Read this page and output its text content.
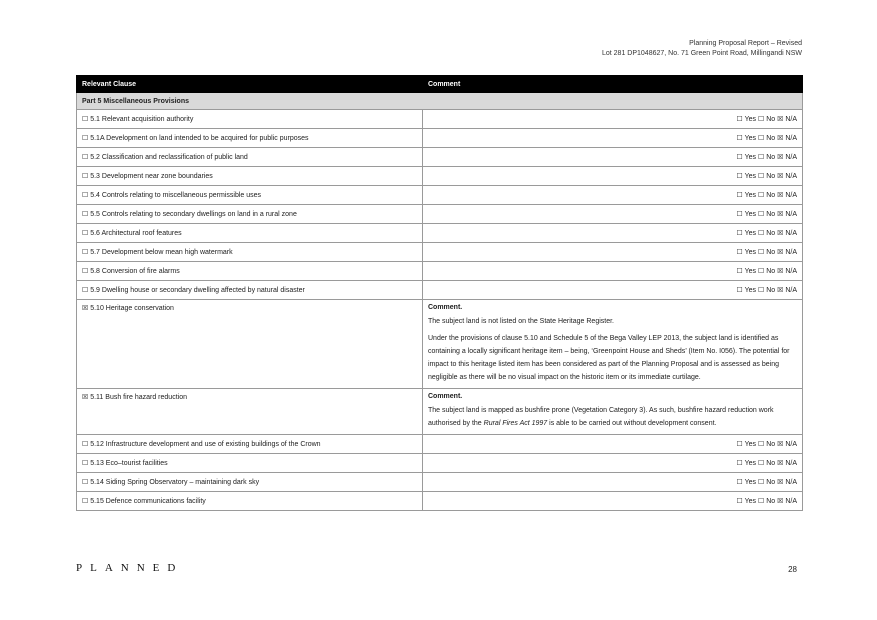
Planning Proposal Report – Revised
Lot 281 DP1048627, No. 71 Green Point Road, Millingandi NSW
Relevant Clause	Comment
Part 5 Miscellaneous Provisions	
☐ 5.1 Relevant acquisition authority	☐ Yes ☐ No ☒ N/A
☐ 5.1A Development on land intended to be acquired for public purposes	☐ Yes ☐ No ☒ N/A
☐ 5.2 Classification and reclassification of public land	☐ Yes ☐ No ☒ N/A
☐ 5.3 Development near zone boundaries	☐ Yes ☐ No ☒ N/A
☐ 5.4 Controls relating to miscellaneous permissible uses	☐ Yes ☐ No ☒ N/A
☐ 5.5 Controls relating to secondary dwellings on land in a rural zone	☐ Yes ☐ No ☒ N/A
☐ 5.6 Architectural roof features	☐ Yes ☐ No ☒ N/A
☐ 5.7 Development below mean high watermark	☐ Yes ☐ No ☒ N/A
☐ 5.8 Conversion of fire alarms	☐ Yes ☐ No ☒ N/A
☐ 5.9 Dwelling house or secondary dwelling affected by natural disaster	☐ Yes ☐ No ☒ N/A
☒ 5.10 Heritage conservation	Comment.

The subject land is not listed on the State Heritage Register.

Under the provisions of clause 5.10 and Schedule 5 of the Bega Valley LEP 2013, the subject land is identified as containing a locally significant heritage item – being, ‘Greenpoint House and Sheds’ (Item No. I056). The potential for impact to this heritage listed item has been considered as part of the Planning Proposal and is assessed as being negligible as there will be no visual impact on the historic item or its immediate curtilage.

☒ 5.11 Bush fire hazard reduction	Comment.

The subject land is mapped as bushfire prone (Vegetation Category 3). As such, bushfire hazard reduction work authorised by the Rural Fires Act 1997 is able to be carried out without development consent.

☐ 5.12 Infrastructure development and use of existing buildings of the Crown	☐ Yes ☐ No ☒ N/A
☐ 5.13 Eco–tourist facilities	☐ Yes ☐ No ☒ N/A
☐ 5.14 Siding Spring Observatory – maintaining dark sky	☐ Yes ☐ No ☒ N/A
☐ 5.15 Defence communications facility	☐ Yes ☐ No ☒ N/A
PLANNED	28
